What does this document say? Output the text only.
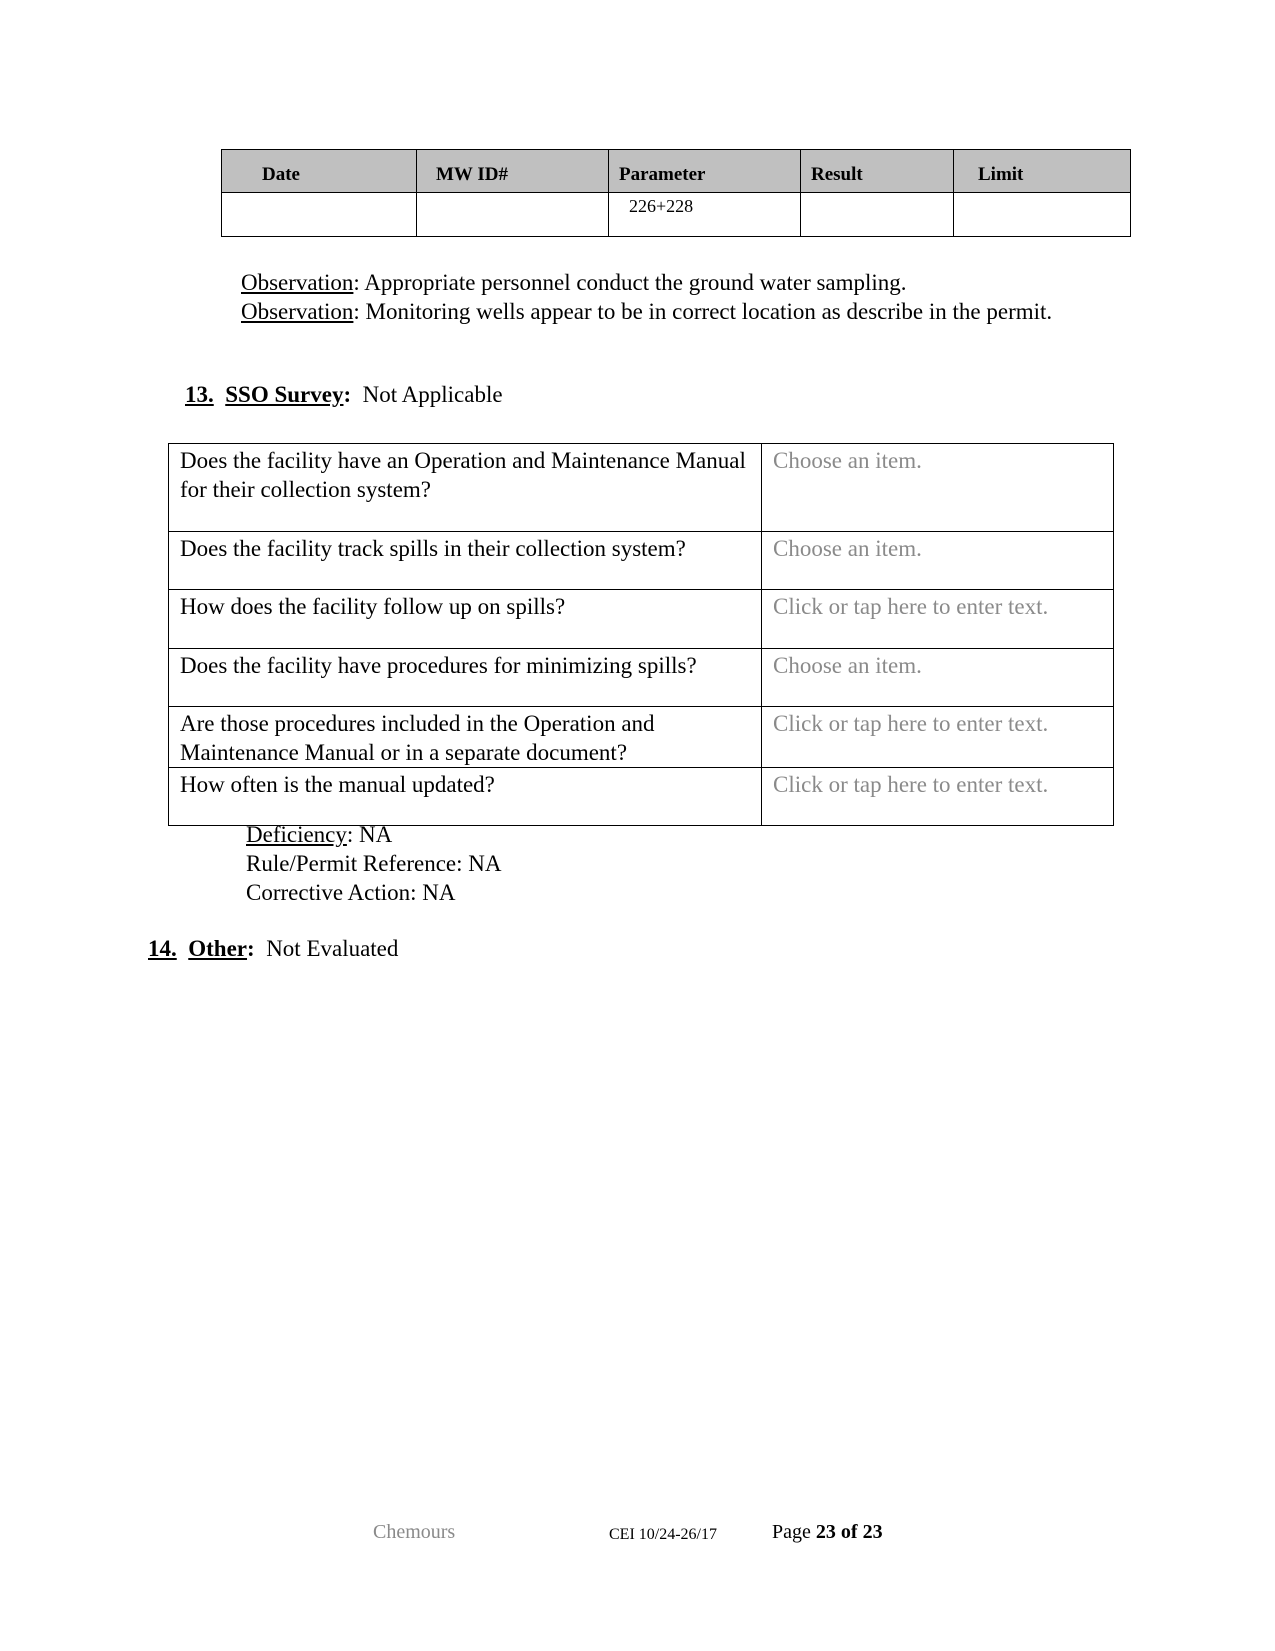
Date	MW ID#	Parameter	Result	Limit
		226+228		
Observation: Appropriate personnel conduct the ground water sampling.
Observation: Monitoring wells appear to be in correct location as describe in the permit.
13. SSO Survey: Not Applicable
Does the facility have an Operation and Maintenance Manual for their collection system?	Choose an item.
Does the facility track spills in their collection system?	Choose an item.
How does the facility follow up on spills?	Click or tap here to enter text.
Does the facility have procedures for minimizing spills?	Choose an item.
Are those procedures included in the Operation and Maintenance Manual or in a separate document?	Click or tap here to enter text.
How often is the manual updated?	Click or tap here to enter text.
Deficiency: NA
Rule/Permit Reference: NA
Corrective Action: NA
14. Other: Not Evaluated
Chemours	CEI 10/24-26/17	Page 23 of 23
